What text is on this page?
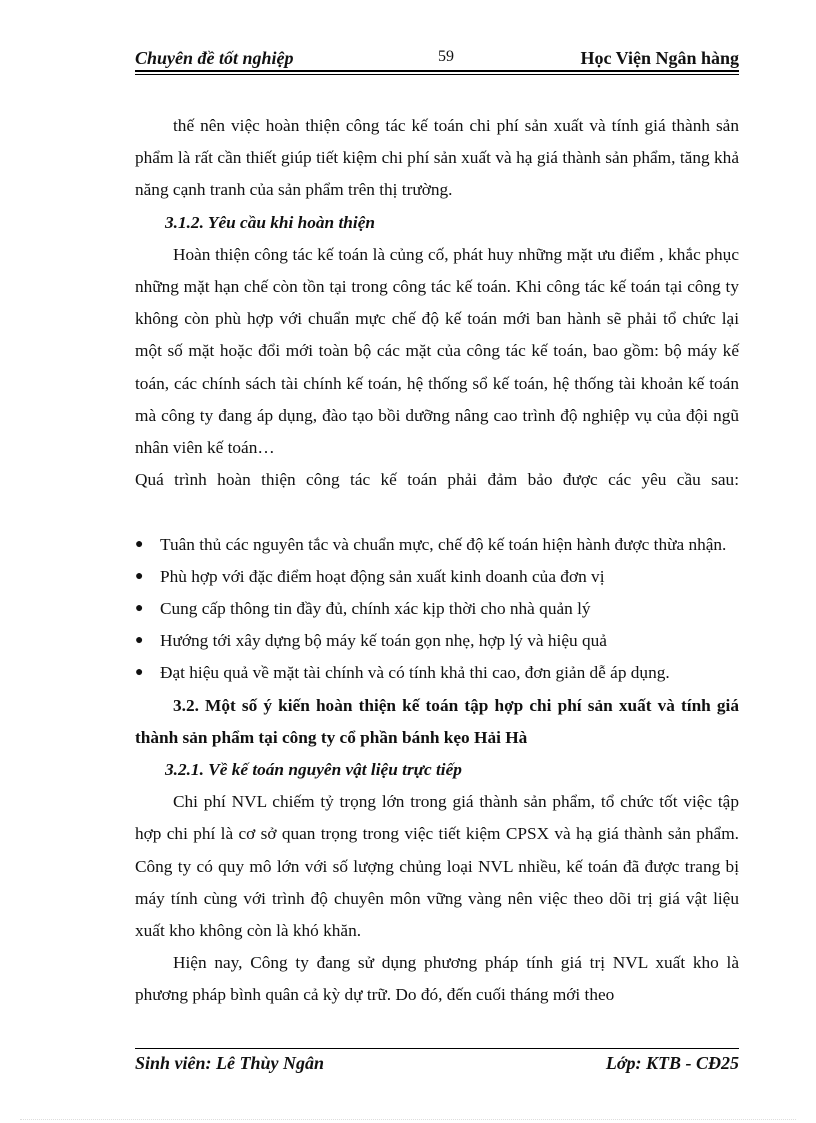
Chuyên đề tốt nghiệp	59	Học Viện Ngân hàng

thế nên việc hoàn thiện công tác kế toán chi phí sản xuất và tính giá thành sản phẩm là rất cần thiết giúp tiết kiệm chi phí sản xuất và hạ giá thành sản phẩm, tăng khả năng cạnh tranh của sản phẩm trên thị trường.

3.1.2. Yêu cầu khi hoàn thiện

Hoàn thiện công tác kế toán là củng cố, phát huy những mặt ưu điểm , khắc phục những mặt hạn chế còn tồn tại trong công tác kế toán. Khi công tác kế toán tại công ty không còn phù hợp với chuẩn mực chế độ kế toán mới ban hành sẽ phải tổ chức lại một số mặt hoặc đổi mới toàn bộ các mặt của công tác kế toán, bao gồm: bộ máy kế toán, các chính sách tài chính kế toán, hệ thống sổ kế toán, hệ thống tài khoản kế toán mà công ty đang áp dụng, đào tạo bồi dưỡng nâng cao trình độ nghiệp vụ của đội ngũ nhân viên kế toán…

Quá trình hoàn thiện công tác kế toán phải đảm bảo được các yêu cầu sau:

● Tuân thủ các nguyên tắc và chuẩn mực, chế độ kế toán hiện hành được thừa nhận.
● Phù hợp với đặc điểm hoạt động sản xuất kinh doanh của đơn vị
● Cung cấp thông tin đầy đủ, chính xác kịp thời cho nhà quản lý
● Hướng tới xây dựng bộ máy kế toán gọn nhẹ, hợp lý và hiệu quả
● Đạt hiệu quả về mặt tài chính và có tính khả thi cao, đơn giản dễ áp dụng.
3.2. Một số ý kiến hoàn thiện kế toán tập hợp chi phí sản xuất và tính giá thành sản phẩm tại công ty cổ phần bánh kẹo Hải Hà
3.2.1. Về kế toán nguyên vật liệu trực tiếp

Chi phí NVL chiếm tỷ trọng lớn trong giá thành sản phẩm, tổ chức tốt việc tập hợp chi phí là cơ sở quan trọng trong việc tiết kiệm CPSX và hạ giá thành sản phẩm. Công ty có quy mô lớn với số lượng chủng loại NVL nhiều, kế toán đã được trang bị máy tính cùng với trình độ chuyên môn vững vàng nên việc theo dõi trị giá vật liệu xuất kho không còn là khó khăn.

Hiện nay, Công ty đang sử dụng phương pháp tính giá trị NVL xuất kho là phương pháp bình quân cả kỳ dự trữ. Do đó, đến cuối tháng mới theo

Sinh viên: Lê Thùy Ngân	Lớp: KTB - CĐ25
